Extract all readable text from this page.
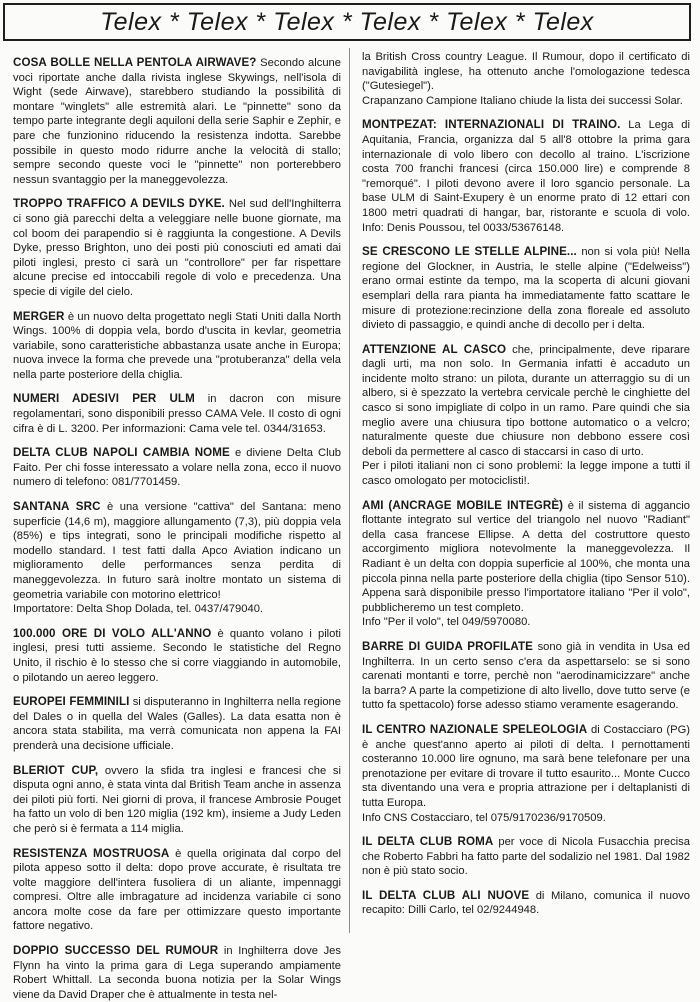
Telex * Telex * Telex * Telex * Telex * Telex
COSA BOLLE NELLA PENTOLA AIRWAVE? Secondo alcune voci riportate anche dalla rivista inglese Skywings, nell'isola di Wight (sede Airwave), starebbero studiando la possibilità di montare "winglets" alle estremità alari. Le "pinnette" sono da tempo parte integrante degli aquiloni della serie Saphir e Zephir, e pare che funzionino riducendo la resistenza indotta. Sarebbe possibile in questo modo ridurre anche la velocità di stallo; sempre secondo queste voci le "pinnette" non porterebbero nessun svantaggio per la maneggevolezza.
TROPPO TRAFFICO A DEVILS DYKE. Nel sud dell'Inghilterra ci sono già parecchi delta a veleggiare nelle buone giornate, ma col boom dei parapendio si è raggiunta la congestione. A Devils Dyke, presso Brighton, uno dei posti più conosciuti ed amati dai piloti inglesi, presto ci sarà un "controllore" per far rispettare alcune precise ed intoccabili regole di volo e precedenza. Una specie di vigile del cielo.
MERGER è un nuovo delta progettato negli Stati Uniti dalla North Wings. 100% di doppia vela, bordo d'uscita in kevlar, geometria variabile, sono caratteristiche abbastanza usate anche in Europa; nuova invece la forma che prevede una "protuberanza" della vela nella parte posteriore della chiglia.
NUMERI ADESIVI PER ULM in dacron con misure regolamentari, sono disponibili presso CAMA Vele. Il costo di ogni cifra è di L. 3200. Per informazioni: Cama vele tel. 0344/31653.
DELTA CLUB NAPOLI CAMBIA NOME e diviene Delta Club Faito. Per chi fosse interessato a volare nella zona, ecco il nuovo numero di telefono: 081/7701459.
SANTANA SRC è una versione "cattiva" del Santana: meno superficie (14,6 m), maggiore allungamento (7,3), più doppia vela (85%) e tips integrati, sono le principali modifiche rispetto al modello standard. I test fatti dalla Apco Aviation indicano un miglioramento delle performances senza perdita di maneggevolezza. In futuro sarà inoltre montato un sistema di geometria variabile con motorino elettrico!
Importatore: Delta Shop Dolada, tel. 0437/479040.
100.000 ORE DI VOLO ALL'ANNO è quanto volano i piloti inglesi, presi tutti assieme. Secondo le statistiche del Regno Unito, il rischio è lo stesso che si corre viaggiando in automobile, o pilotando un aereo leggero.
EUROPEI FEMMINILI si disputeranno in Inghilterra nella regione del Dales o in quella del Wales (Galles). La data esatta non è ancora stata stabilita, ma verrà comunicata non appena la FAI prenderà una decisione ufficiale.
BLERIOT CUP, ovvero la sfida tra inglesi e francesi che si disputa ogni anno, è stata vinta dal British Team anche in assenza dei piloti più forti. Nei giorni di prova, il francese Ambrosie Pouget ha fatto un volo di ben 120 miglia (192 km), insieme a Judy Leden che però si è fermata a 114 miglia.
RESISTENZA MOSTRUOSA è quella originata dal corpo del pilota appeso sotto il delta: dopo prove accurate, è risultata tre volte maggiore dell'intera fusoliera di un aliante, impennaggi compresi. Oltre alle imbragature ad incidenza variabile ci sono ancora molte cose da fare per ottimizzare questo importante fattore negativo.
DOPPIO SUCCESSO DEL RUMOUR in Inghilterra dove Jes Flynn ha vinto la prima gara di Lega superando ampiamente Robert Whittall. La seconda buona notizia per la Solar Wings viene da David Draper che è attualmente in testa nel-
la British Cross country League. Il Rumour, dopo il certificato di navigabilità inglese, ha ottenuto anche l'omologazione tedesca ("Gutesiegel").
Crapanzano Campione Italiano chiude la lista dei successi Solar.
MONTPEZAT: INTERNAZIONALI DI TRAINO. La Lega di Aquitania, Francia, organizza dal 5 all'8 ottobre la prima gara internazionale di volo libero con decollo al traino. L'iscrizione costa 700 franchi francesi (circa 150.000 lire) e comprende 8 "remorqué". I piloti devono avere il loro sgancio personale. La base ULM di Saint-Exupery è un enorme prato di 12 ettari con 1800 metri quadrati di hangar, bar, ristorante e scuola di volo. Info: Denis Poussou, tel 0033/53676148.
SE CRESCONO LE STELLE ALPINE... non si vola più! Nella regione del Glockner, in Austria, le stelle alpine ("Edelweiss") erano ormai estinte da tempo, ma la scoperta di alcuni giovani esemplari della rara pianta ha immediatamente fatto scattare le misure di protezione:recinzione della zona floreale ed assoluto divieto di passaggio, e quindi anche di decollo per i delta.
ATTENZIONE AL CASCO che, principalmente, deve riparare dagli urti, ma non solo. In Germania infatti è accaduto un incidente molto strano: un pilota, durante un atterraggio su di un albero, si è spezzato la vertebra cervicale perchè le cinghiette del casco si sono impigliate di colpo in un ramo. Pare quindi che sia meglio avere una chiusura tipo bottone automatico o a velcro; naturalmente queste due chiusure non debbono essere così deboli da permettere al casco di staccarsi in caso di urto.
Per i piloti italiani non ci sono problemi: la legge impone a tutti il casco omologato per motociclisti!.
AMI (ANCRAGE MOBILE INTEGRÈ) è il sistema di aggancio flottante integrato sul vertice del triangolo nel nuovo "Radiant" della casa francese Ellipse. A detta del costruttore questo accorgimento migliora notevolmente la maneggevolezza. Il Radiant è un delta con doppia superficie al 100%, che monta una piccola pinna nella parte posteriore della chiglia (tipo Sensor 510). Appena sarà disponibile presso l'importatore italiano "Per il volo", pubblicheremo un test completo.
Info "Per il volo", tel 049/5970080.
BARRE DI GUIDA PROFILATE sono già in vendita in Usa ed Inghilterra. In un certo senso c'era da aspettarselo: se si sono carenati montanti e torre, perchè non "aerodinamicizzare" anche la barra? A parte la competizione di alto livello, dove tutto serve (e tutto fa spettacolo) forse adesso stiamo veramente esagerando.
IL CENTRO NAZIONALE SPELEOLOGIA di Costacciaro (PG) è anche quest'anno aperto ai piloti di delta. I pernottamenti costeranno 10.000 lire ognuno, ma sarà bene telefonare per una prenotazione per evitare di trovare il tutto esaurito... Monte Cucco sta diventando una vera e propria attrazione per i deltaplanisti di tutta Europa.
Info CNS Costacciaro, tel 075/9170236/9170509.
IL DELTA CLUB ROMA per voce di Nicola Fusacchia precisa che Roberto Fabbri ha fatto parte del sodalizio nel 1981. Dal 1982 non è più stato socio.
IL DELTA CLUB ALI NUOVE di Milano, comunica il nuovo recapito: Dilli Carlo, tel 02/9244948.
